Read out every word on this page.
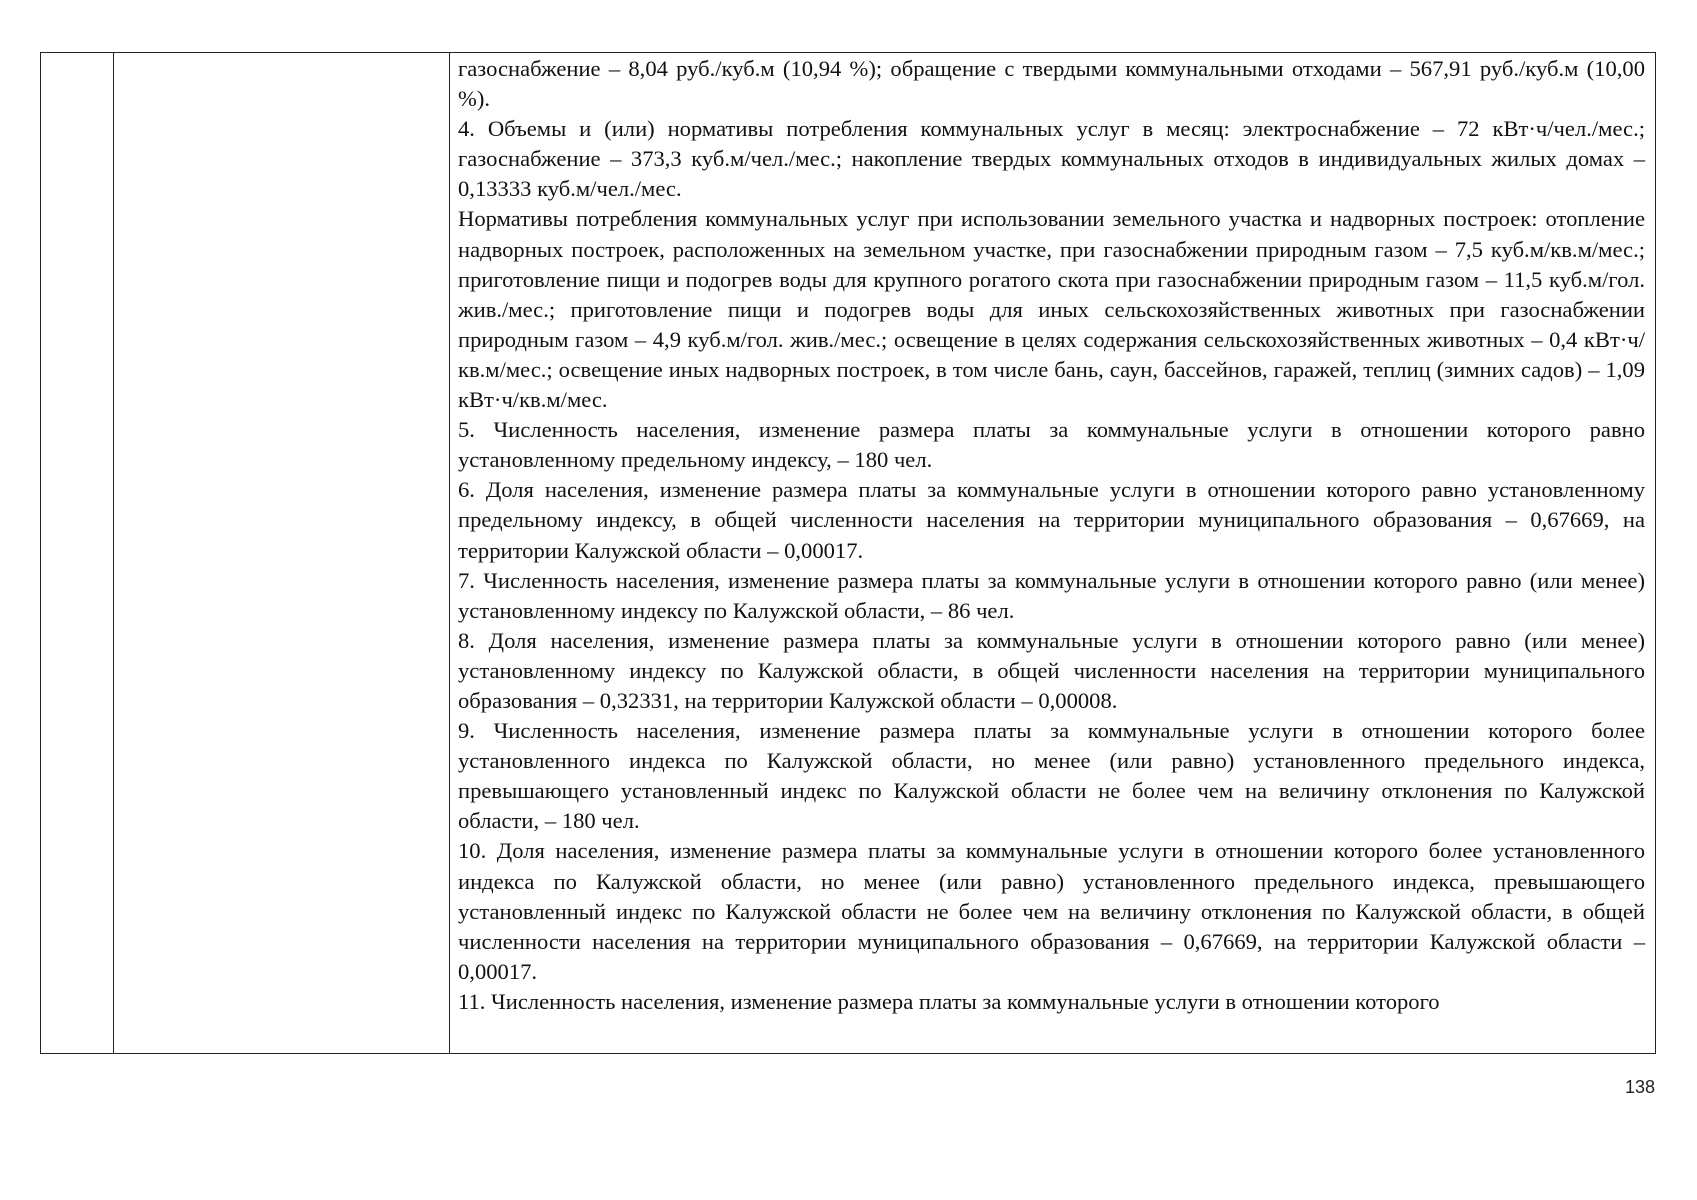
газоснабжение – 8,04 руб./куб.м (10,94 %); обращение с твердыми коммунальными отходами – 567,91 руб./куб.м (10,00 %).

4. Объемы и (или) нормативы потребления коммунальных услуг в месяц: электроснабжение – 72 кВт·ч/чел./мес.; газоснабжение – 373,3 куб.м/чел./мес.; накопление твердых коммунальных отходов в индивидуальных жилых домах – 0,13333 куб.м/чел./мес.

Нормативы потребления коммунальных услуг при использовании земельного участка и надворных построек: отопление надворных построек, расположенных на земельном участке, при газоснабжении природным газом – 7,5 куб.м/кв.м/мес.; приготовление пищи и подогрев воды для крупного рогатого скота при газоснабжении природным газом – 11,5 куб.м/гол. жив./мес.; приготовление пищи и подогрев воды для иных сельскохозяйственных животных при газоснабжении природным газом – 4,9 куб.м/гол. жив./мес.; освещение в целях содержания сельскохозяйственных животных – 0,4 кВт·ч/кв.м/мес.; освещение иных надворных построек, в том числе бань, саун, бассейнов, гаражей, теплиц (зимних садов) – 1,09 кВт·ч/кв.м/мес.

5. Численность населения, изменение размера платы за коммунальные услуги в отношении которого равно установленному предельному индексу, – 180 чел.

6. Доля населения, изменение размера платы за коммунальные услуги в отношении которого равно установленному предельному индексу, в общей численности населения на территории муниципального образования – 0,67669, на территории Калужской области – 0,00017.

7. Численность населения, изменение размера платы за коммунальные услуги в отношении которого равно (или менее) установленному индексу по Калужской области, – 86 чел.

8. Доля населения, изменение размера платы за коммунальные услуги в отношении которого равно (или менее) установленному индексу по Калужской области, в общей численности населения на территории муниципального образования – 0,32331, на территории Калужской области – 0,00008.

9. Численность населения, изменение размера платы за коммунальные услуги в отношении которого более установленного индекса по Калужской области, но менее (или равно) установленного предельного индекса, превышающего установленный индекс по Калужской области не более чем на величину отклонения по Калужской области, – 180 чел.

10. Доля населения, изменение размера платы за коммунальные услуги в отношении которого более установленного индекса по Калужской области, но менее (или равно) установленного предельного индекса, превышающего установленный индекс по Калужской области не более чем на величину отклонения по Калужской области, в общей численности населения на территории муниципального образования – 0,67669, на территории Калужской области – 0,00017.

11. Численность населения, изменение размера платы за коммунальные услуги в отношении которого

138
